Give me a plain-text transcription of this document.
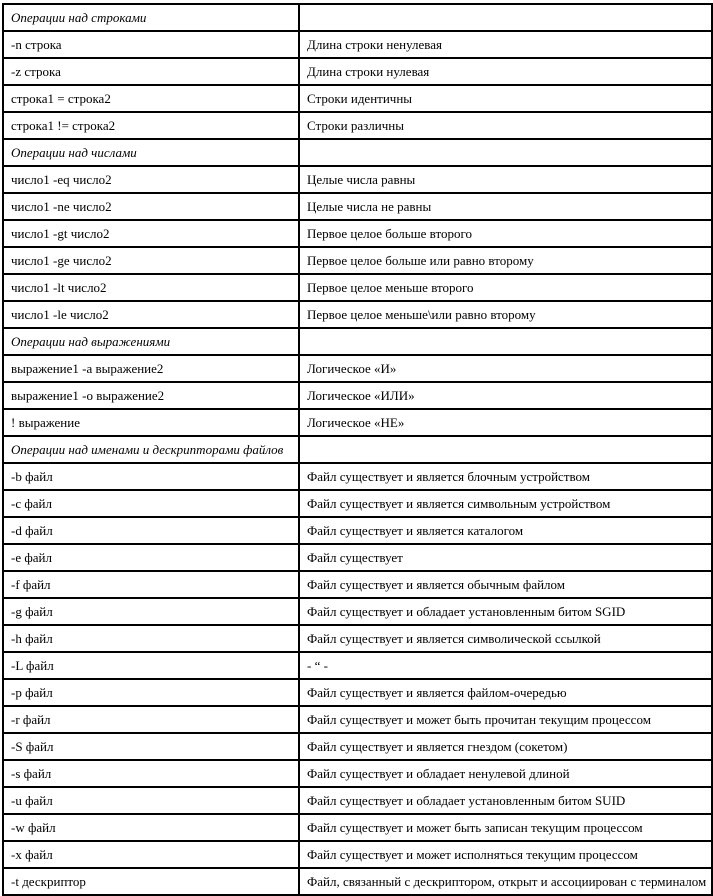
Операции над строками	
-n строка	Длина строки ненулевая
-z строка	Длина строки нулевая
строка1 = строка2	Строки идентичны
строка1 != строка2	Строки различны
Операции над числами	
число1 -eq число2	Целые числа равны
число1 -ne число2	Целые числа не равны
число1 -gt число2	Первое целое больше второго
число1 -ge число2	Первое целое больше или равно второму
число1 -lt число2	Первое целое меньше второго
число1 -le число2	Первое целое меньше\или равно второму
Операции над выражениями	
выражение1 -a выражение2	Логическое «И»
выражение1 -o выражение2	Логическое «ИЛИ»
! выражение	Логическое «НЕ»
Операции над именами и дескрипторами файлов	
-b файл	Файл существует и является блочным устройством
-c файл	Файл существует и является символьным устройством
-d файл	Файл существует и является каталогом
-e файл	Файл существует
-f файл	Файл существует и является обычным файлом
-g файл	Файл существует и обладает установленным битом SGID
-h файл	Файл существует и является символической ссылкой
-L файл	- “ -
-p файл	Файл существует и является файлом-очередью
-r файл	Файл существует и может быть прочитан текущим процессом
-S файл	Файл существует и является гнездом (сокетом)
-s файл	Файл существует и обладает ненулевой длиной
-u файл	Файл существует и обладает установленным битом SUID
-w файл	Файл существует и может быть записан текущим процессом
-x файл	Файл существует и может исполняться текущим процессом
-t дескриптор	Файл, связанный с дескриптором, открыт и ассоциирован с терминалом
